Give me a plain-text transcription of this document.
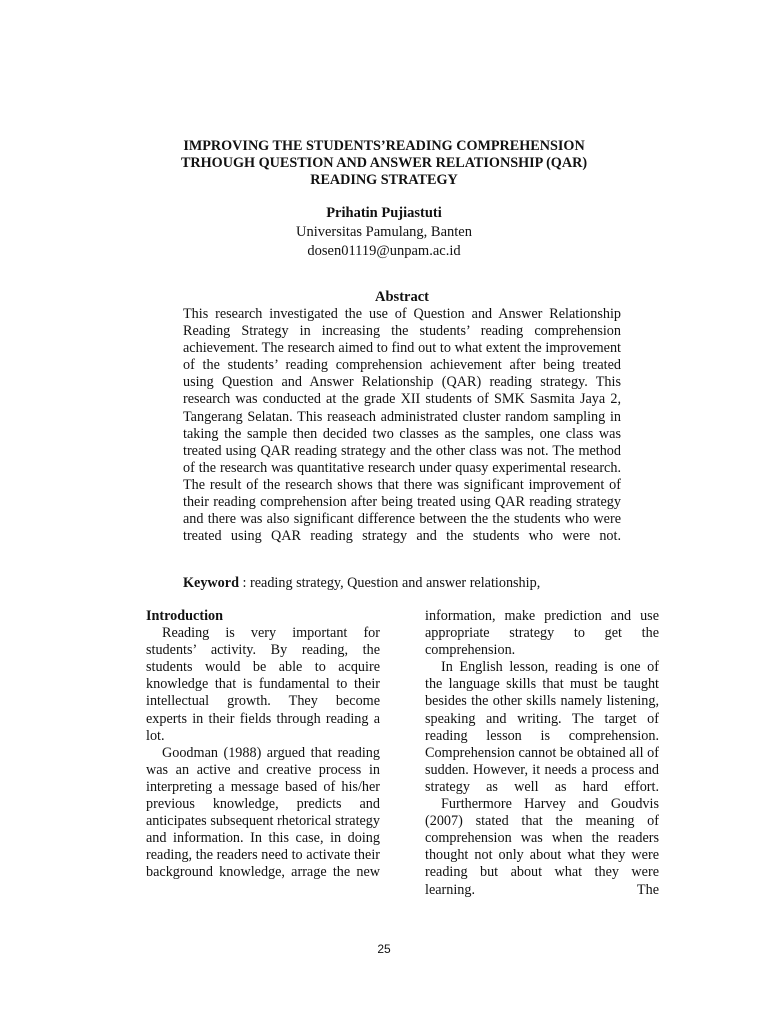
IMPROVING THE STUDENTS’READING COMPREHENSION
TRHOUGH QUESTION AND ANSWER RELATIONSHIP (QAR)
READING STRATEGY
Prihatin Pujiastuti
Universitas Pamulang, Banten
dosen01119@unpam.ac.id
Abstract
This research investigated the use of Question and Answer Relationship Reading Strategy in increasing the students’ reading comprehension achievement. The research aimed to find out to what extent the improvement of the students’ reading comprehension achievement after being treated using Question and Answer Relationship (QAR) reading strategy. This research was conducted at the grade XII students of SMK Sasmita Jaya 2, Tangerang Selatan. This reaseach administrated cluster random sampling in taking the sample then decided two classes as the samples, one class was treated using QAR reading strategy and the other class was not. The method of the research was quantitative research under quasy experimental research. The result of the research shows that there was significant improvement of their reading comprehension after being treated using QAR reading strategy and there was also significant difference between the the students who were treated using QAR reading strategy and the students who were not.
Keyword : reading strategy, Question and answer relationship,
Introduction
Reading is very important for students’ activity. By reading, the students would be able to acquire knowledge that is fundamental to their intellectual growth. They become experts in their fields through reading a lot.
Goodman (1988) argued that reading was an active and creative process in interpreting a message based of his/her previous knowledge, predicts and anticipates subsequent rhetorical strategy and information. In this case, in doing reading, the readers need to activate their background knowledge, arrage the new
information, make prediction and use appropriate strategy to get the comprehension.
In English lesson, reading is one of the language skills that must be taught besides the other skills namely listening, speaking and writing. The target of reading lesson is comprehension. Comprehension cannot be obtained all of sudden. However, it needs a process and strategy as well as hard effort.
Furthermore Harvey and Goudvis (2007) stated that the meaning of comprehension was when the readers thought not only about what they were reading but about what they were learning. The
25
